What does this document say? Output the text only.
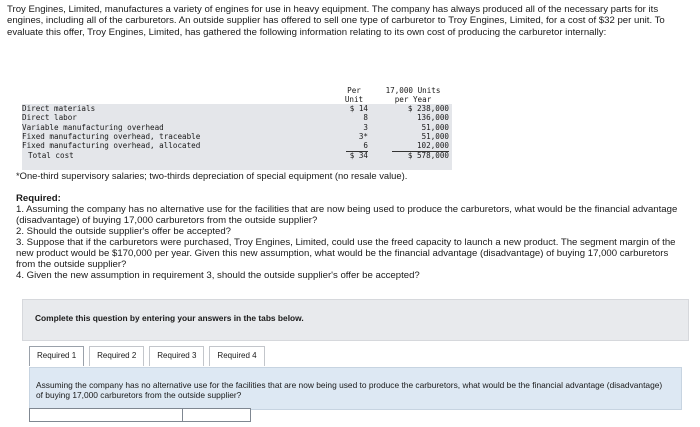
Troy Engines, Limited, manufactures a variety of engines for use in heavy equipment. The company has always produced all of the necessary parts for its engines, including all of the carburetors. An outside supplier has offered to sell one type of carburetor to Troy Engines, Limited, for a cost of $32 per unit. To evaluate this offer, Troy Engines, Limited, has gathered the following information relating to its own cost of producing the carburetor internally:
Per
Unit
17,000 Units
per Year
Direct materials	$ 14	$ 238,000
Direct labor	8	136,000
Variable manufacturing overhead	3	51,000
Fixed manufacturing overhead, traceable	3*	51,000
Fixed manufacturing overhead, allocated	6	102,000
Total cost	$ 34	$ 578,000
*One-third supervisory salaries; two-thirds depreciation of special equipment (no resale value).
Required:
1. Assuming the company has no alternative use for the facilities that are now being used to produce the carburetors, what would be the financial advantage (disadvantage) of buying 17,000 carburetors from the outside supplier?
2. Should the outside supplier's offer be accepted?
3. Suppose that if the carburetors were purchased, Troy Engines, Limited, could use the freed capacity to launch a new product. The segment margin of the new product would be $170,000 per year. Given this new assumption, what would be the financial advantage (disadvantage) of buying 17,000 carburetors from the outside supplier?
4. Given the new assumption in requirement 3, should the outside supplier's offer be accepted?
Complete this question by entering your answers in the tabs below.
Required 1	Required 2	Required 3	Required 4
Assuming the company has no alternative use for the facilities that are now being used to produce the carburetors, what would be the financial advantage (disadvantage) of buying 17,000 carburetors from the outside supplier?
